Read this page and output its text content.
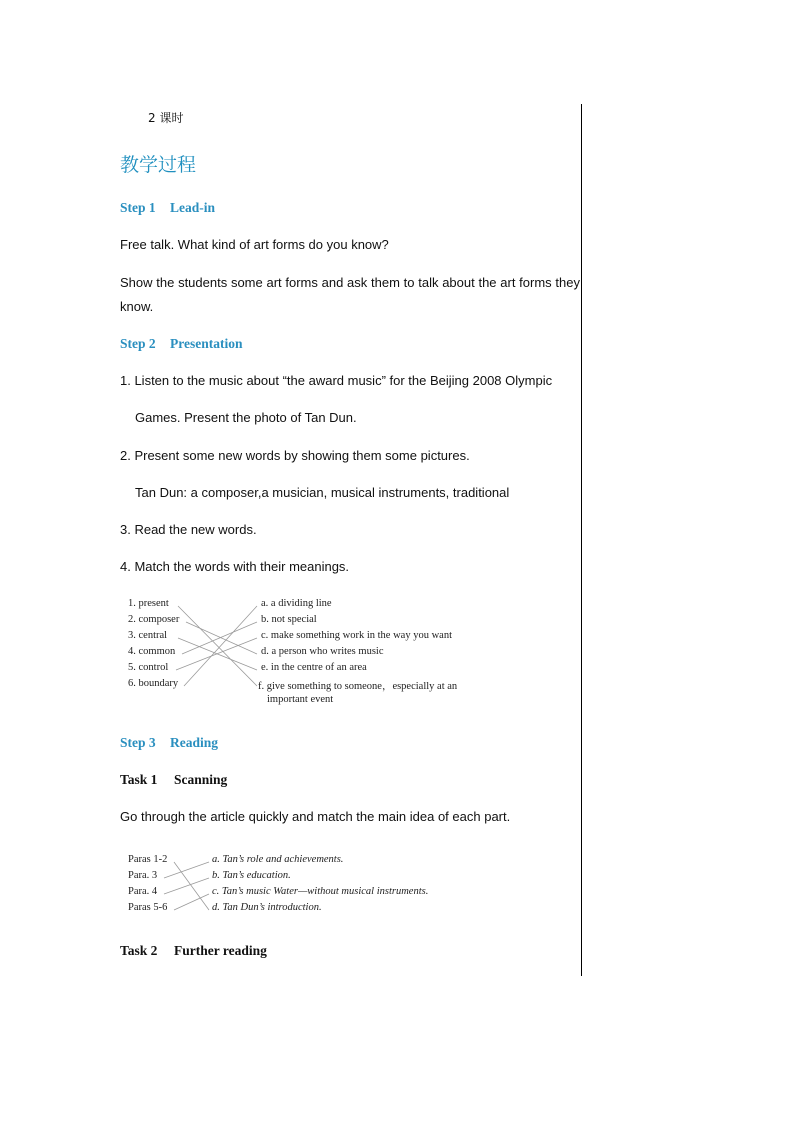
2 课时
教学过程
Step 1 Lead-in
Free talk. What kind of art forms do you know?
Show the students some art forms and ask them to talk about the art forms they know.
Step 2 Presentation
1. Listen to the music about “the award music” for the Beijing 2008 Olympic
Games. Present the photo of Tan Dun.
2. Present some new words by showing them some pictures.
Tan Dun: a composer,a musician, musical instruments, traditional
3. Read the new words.
4. Match the words with their meanings.
1. present
2. composer
3. central
4. common
5. control
6. boundary
a. a dividing line
b. not special
c. make something work in the way you want
d. a person who writes music
e. in the centre of an area
f. give something to someone，especially at an
important event
Step 3 Reading
Task 1 Scanning
Go through the article quickly and match the main idea of each part.
Paras 1-2
Para. 3
Para. 4
Paras 5-6
a. Tan’s role and achievements.
b. Tan’s education.
c. Tan’s music Water—without musical instruments.
d. Tan Dun’s introduction.
Task 2 Further reading
